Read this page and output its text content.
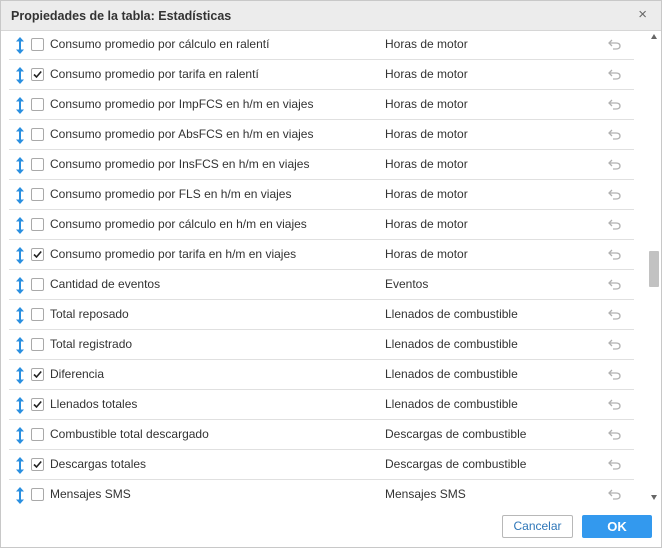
Propiedades de la tabla: Estadísticas	×
Consumo promedio por cálculo en ralentí	Horas de motor
Consumo promedio por tarifa en ralentí	Horas de motor
Consumo promedio por ImpFCS en h/m en viajes	Horas de motor
Consumo promedio por AbsFCS en h/m en viajes	Horas de motor
Consumo promedio por InsFCS en h/m en viajes	Horas de motor
Consumo promedio por FLS en h/m en viajes	Horas de motor
Consumo promedio por cálculo en h/m en viajes	Horas de motor
Consumo promedio por tarifa en h/m en viajes	Horas de motor
Cantidad de eventos	Eventos
Total reposado	Llenados de combustible
Total registrado	Llenados de combustible
Diferencia	Llenados de combustible
Llenados totales	Llenados de combustible
Combustible total descargado	Descargas de combustible
Descargas totales	Descargas de combustible
Mensajes SMS	Mensajes SMS
Cancelar	OK
